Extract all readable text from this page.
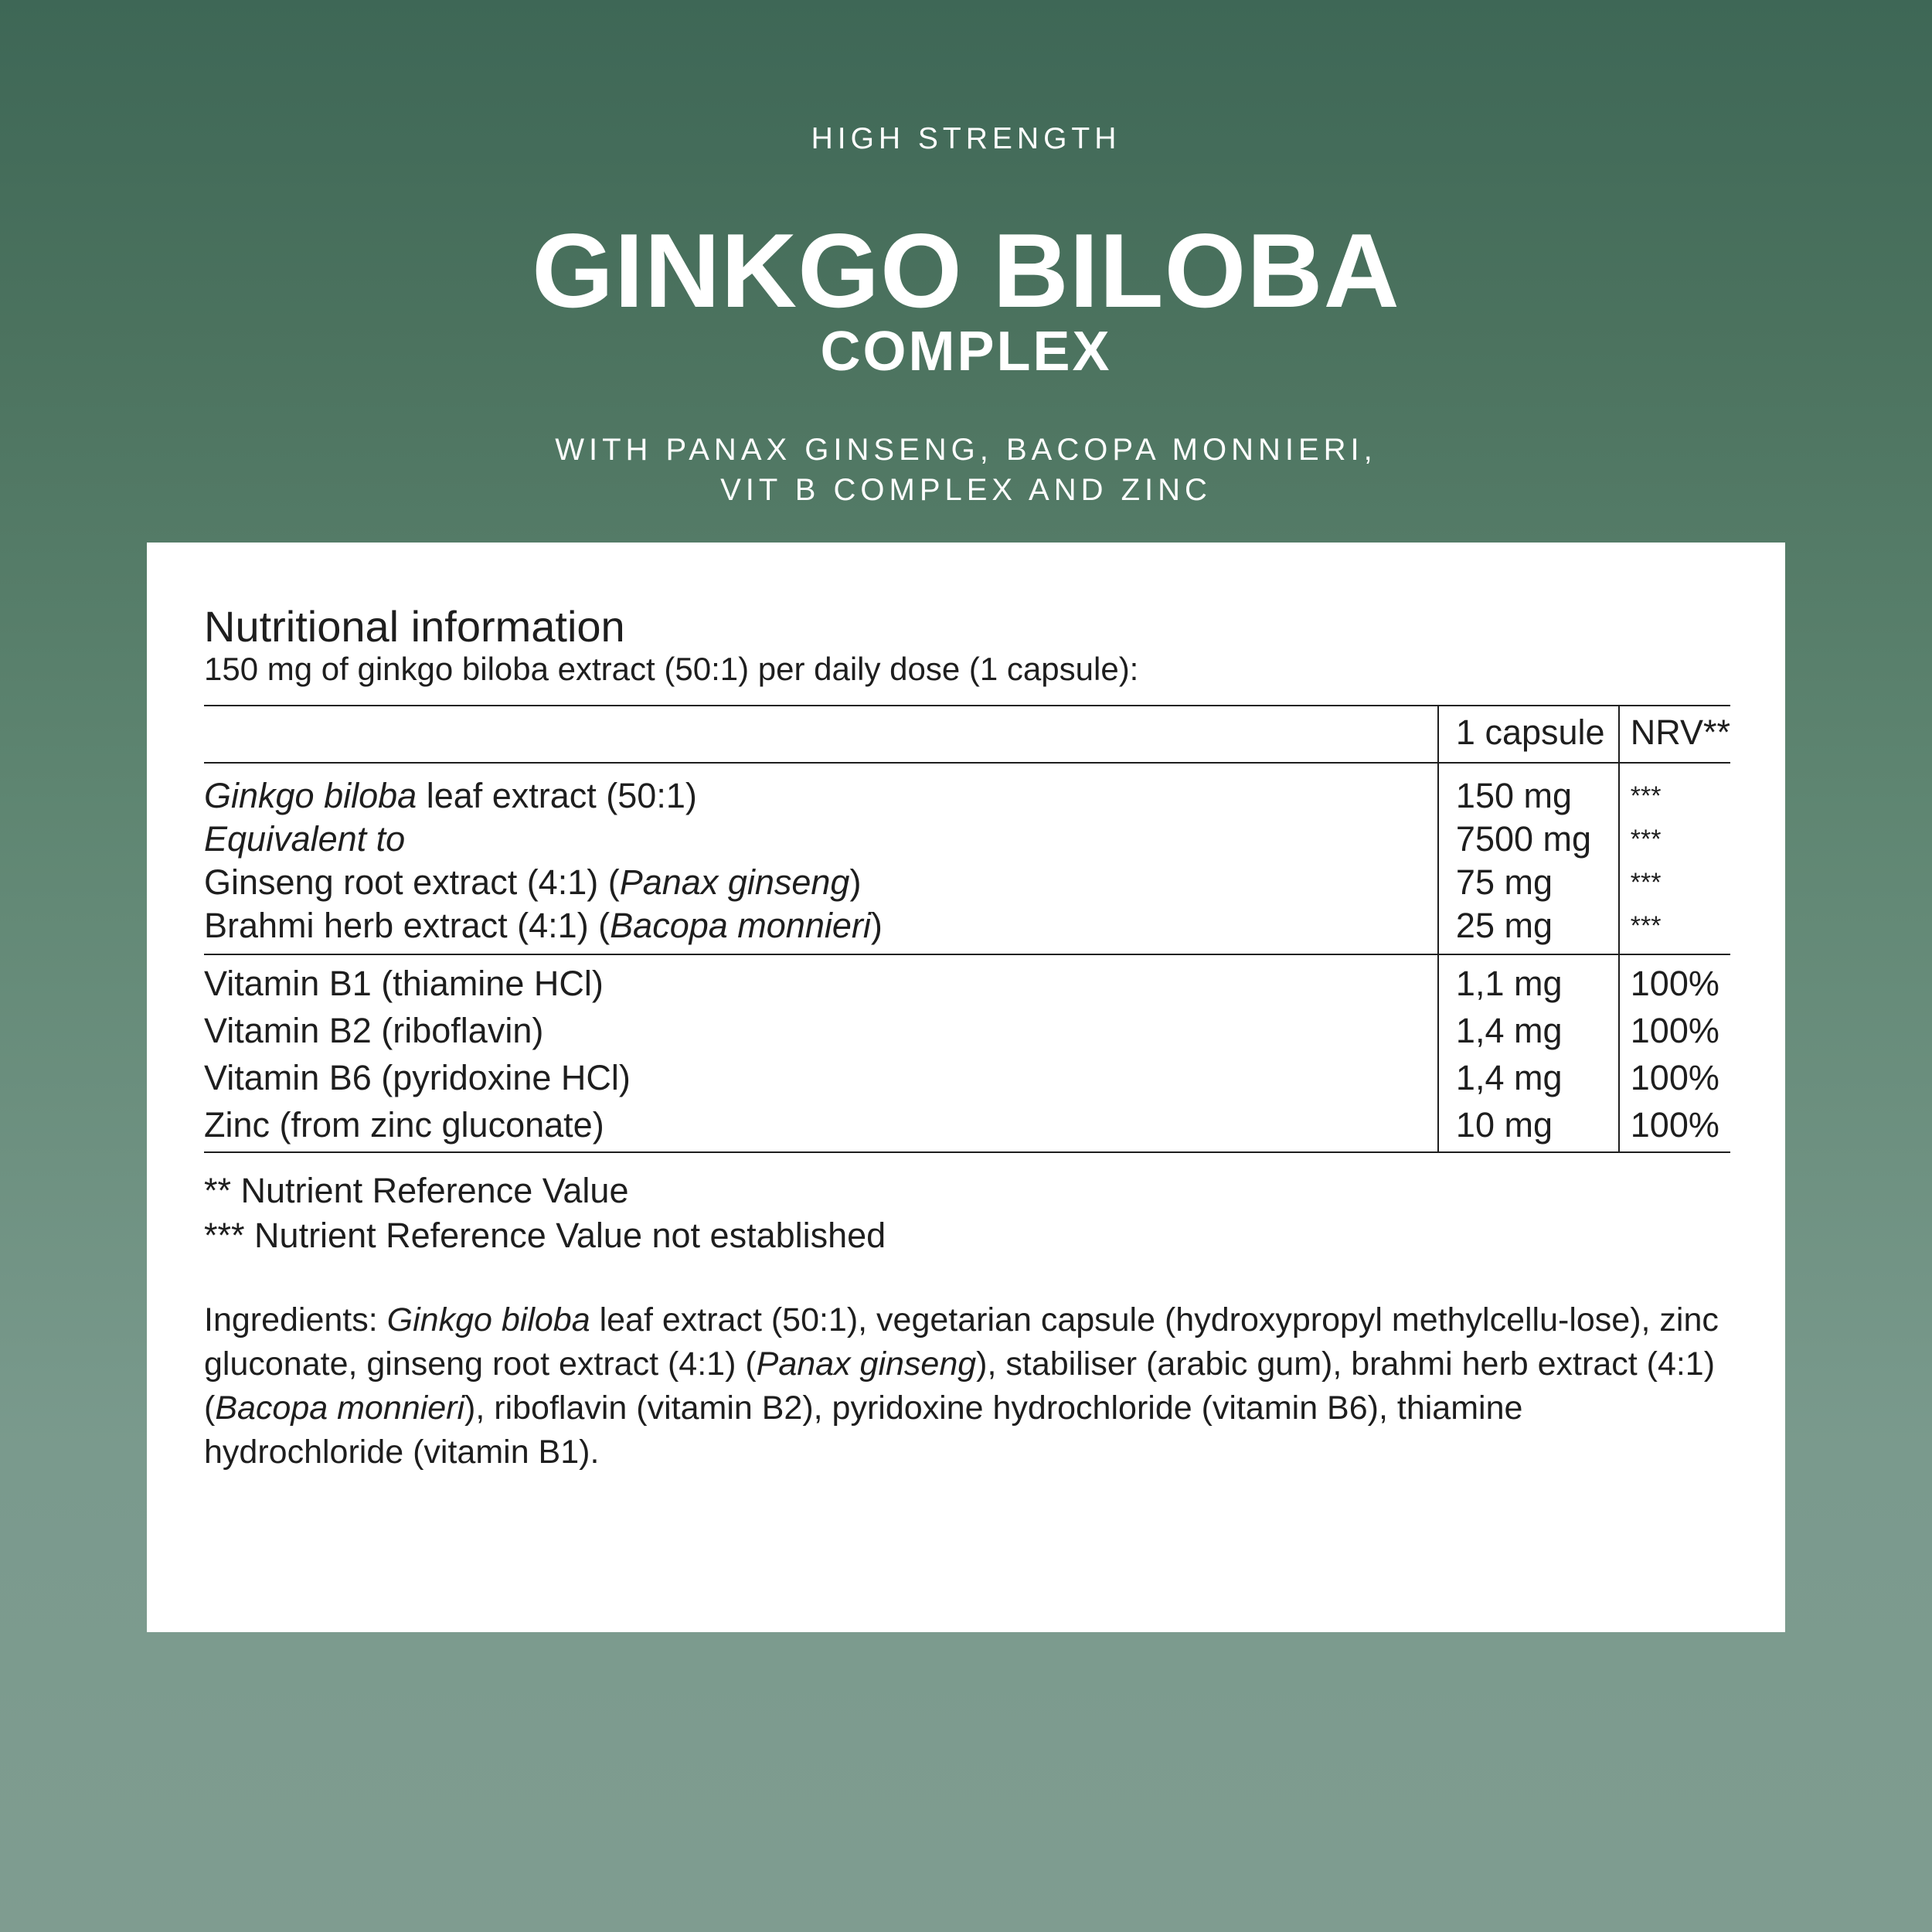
HIGH STRENGTH
GINKGO BILOBA
COMPLEX
WITH PANAX GINSENG, BACOPA MONNIERI,
VIT B COMPLEX AND ZINC
Nutritional information
150 mg of ginkgo biloba extract (50:1) per daily dose (1 capsule):
	1 capsule	NRV**
Ginkgo biloba leaf extract (50:1)	150 mg	***
Equivalent to	7500 mg	***
Ginseng root extract (4:1) (Panax ginseng)	75 mg	***
Brahmi herb extract (4:1) (Bacopa monnieri)	25 mg	***
Vitamin B1 (thiamine HCl)	1,1 mg	100%
Vitamin B2 (riboflavin)	1,4 mg	100%
Vitamin B6 (pyridoxine HCl)	1,4 mg	100%
Zinc (from zinc gluconate)	10 mg	100%
** Nutrient Reference Value
*** Nutrient Reference Value not established
Ingredients: Ginkgo biloba leaf extract (50:1), vegetarian capsule (hydroxypropyl methylcellu-lose), zinc gluconate, ginseng root extract (4:1) (Panax ginseng), stabiliser (arabic gum), brahmi herb extract (4:1) (Bacopa monnieri), riboflavin (vitamin B2), pyridoxine hydrochloride (vitamin B6), thiamine hydrochloride (vitamin B1).
